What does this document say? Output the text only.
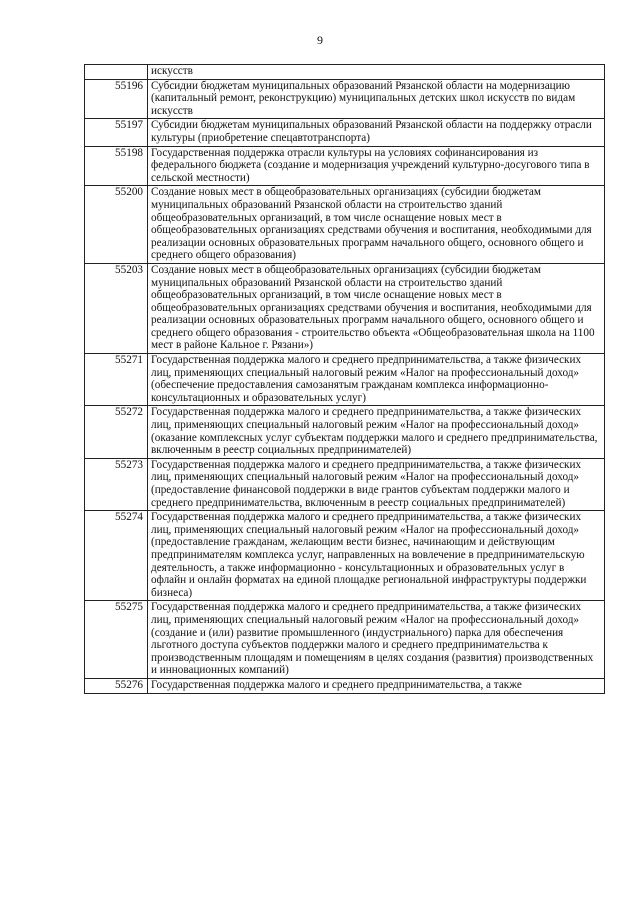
9
	искусств
55196	Субсидии бюджетам муниципальных образований Рязанской области на модернизацию (капитальный ремонт, реконструкцию) муниципальных детских школ искусств по видам искусств
55197	Субсидии бюджетам муниципальных образований Рязанской области на поддержку отрасли культуры (приобретение спецавтотранспорта)
55198	Государственная поддержка отрасли культуры на условиях софинансирования из федерального бюджета (создание и модернизация учреждений культурно-досугового типа в сельской местности)
55200	Создание новых мест в общеобразовательных организациях (субсидии бюджетам муниципальных образований Рязанской области на строительство зданий общеобразовательных организаций, в том числе оснащение новых мест в общеобразовательных организациях средствами обучения и воспитания, необходимыми для реализации основных образовательных программ начального общего, основного общего и среднего общего образования)
55203	Создание новых мест в общеобразовательных организациях (субсидии бюджетам муниципальных образований Рязанской области на строительство зданий общеобразовательных организаций, в том числе оснащение новых мест в общеобразовательных организациях средствами обучения и воспитания, необходимыми для реализации основных образовательных программ начального общего, основного общего и среднего общего образования - строительство объекта «Общеобразовательная школа на 1100 мест в районе Кальное г. Рязани»)
55271	Государственная поддержка малого и среднего предпринимательства, а также физических лиц, применяющих специальный налоговый режим «Налог на профессиональный доход» (обеспечение предоставления самозанятым гражданам комплекса информационно- консультационных и образовательных услуг)
55272	Государственная поддержка малого и среднего предпринимательства, а также физических лиц, применяющих специальный налоговый режим «Налог на профессиональный доход» (оказание комплексных услуг субъектам поддержки малого и среднего предпринимательства, включенным в реестр социальных предпринимателей)
55273	Государственная поддержка малого и среднего предпринимательства, а также физических лиц, применяющих специальный налоговый режим «Налог на профессиональный доход» (предоставление финансовой поддержки в виде грантов субъектам поддержки малого и среднего предпринимательства, включенным в реестр социальных предпринимателей)
55274	Государственная поддержка малого и среднего предпринимательства, а также физических лиц, применяющих специальный налоговый режим «Налог на профессиональный доход» (предоставление гражданам, желающим вести бизнес, начинающим и действующим предпринимателям комплекса услуг, направленных на вовлечение в предпринимательскую деятельность, а также информационно - консультационных и образовательных услуг в офлайн и онлайн форматах на единой площадке региональной инфраструктуры поддержки бизнеса)
55275	Государственная поддержка малого и среднего предпринимательства, а также физических лиц, применяющих специальный налоговый режим «Налог на профессиональный доход» (создание и (или) развитие промышленного (индустриального) парка для обеспечения льготного доступа субъектов поддержки малого и среднего предпринимательства к производственным площадям и помещениям в целях создания (развития) производственных и инновационных компаний)
55276	Государственная поддержка малого и среднего предпринимательства, а также
